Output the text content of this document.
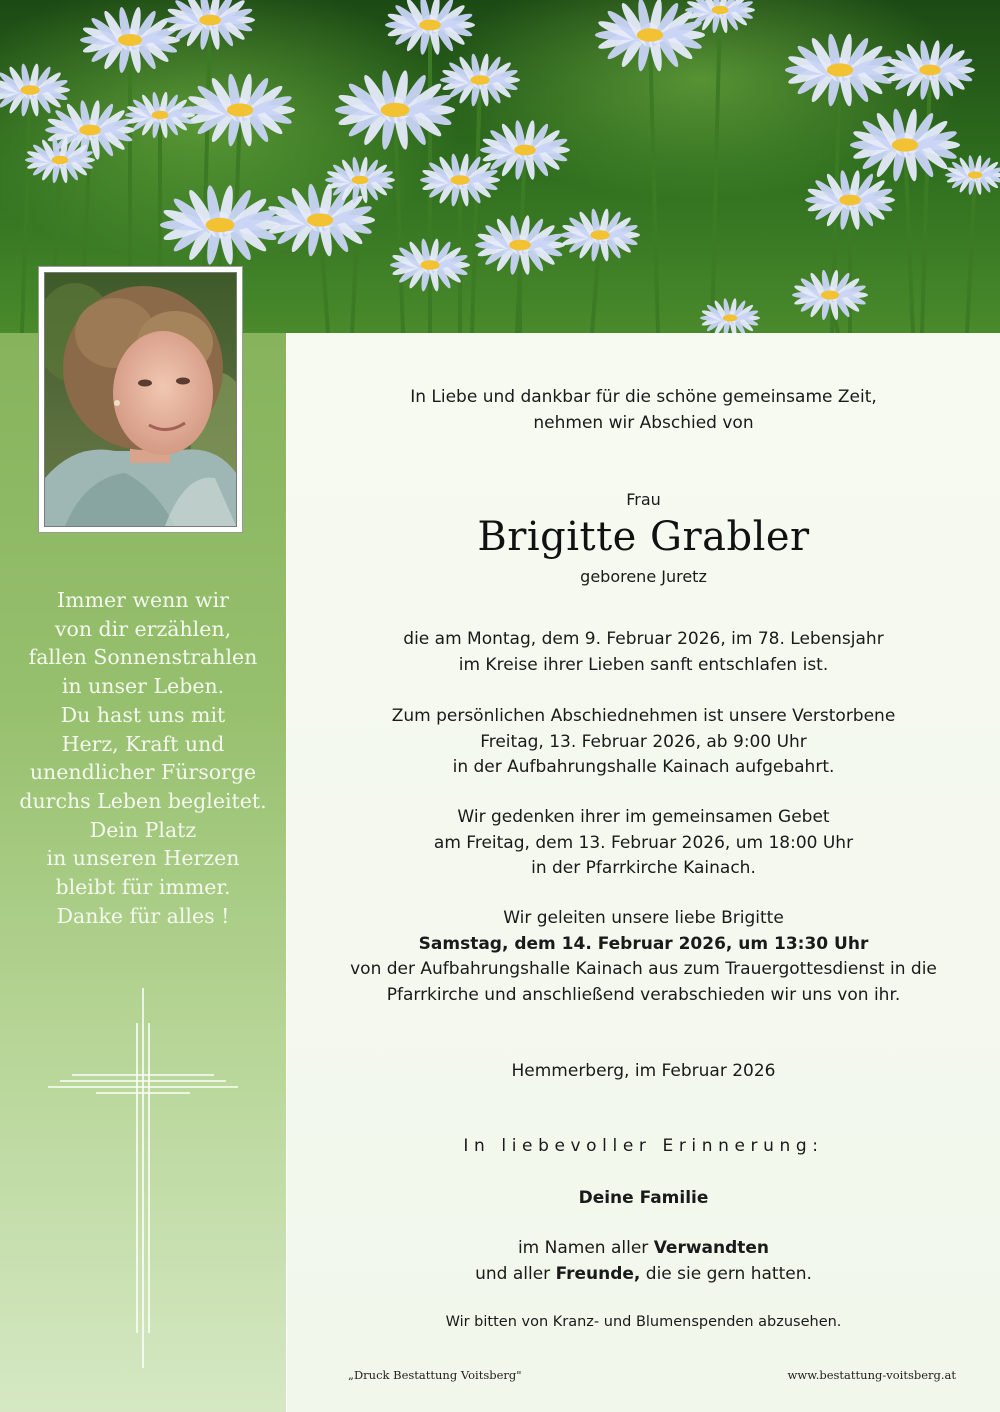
Immer wenn wir
von dir erzählen,
fallen Sonnenstrahlen
in unser Leben.
Du hast uns mit
Herz, Kraft und
unendlicher Fürsorge
durchs Leben begleitet.
Dein Platz
in unseren Herzen
bleibt für immer.
Danke für alles !
In Liebe und dankbar für die schöne gemeinsame Zeit,
nehmen wir Abschied von
Frau
Brigitte Grabler
geborene Juretz
die am Montag, dem 9. Februar 2026, im 78. Lebensjahr
im Kreise ihrer Lieben sanft entschlafen ist.
Zum persönlichen Abschiednehmen ist unsere Verstorbene
Freitag, 13. Februar 2026, ab 9:00 Uhr
in der Aufbahrungshalle Kainach aufgebahrt.
Wir gedenken ihrer im gemeinsamen Gebet
am Freitag, dem 13. Februar 2026, um 18:00 Uhr
in der Pfarrkirche Kainach.
Wir geleiten unsere liebe Brigitte
Samstag, dem 14. Februar 2026, um 13:30 Uhr
von der Aufbahrungshalle Kainach aus zum Trauergottesdienst in die
Pfarrkirche und anschließend verabschieden wir uns von ihr.
Hemmerberg, im Februar 2026
In liebevoller Erinnerung:
Deine Familie
im Namen aller Verwandten
und aller Freunde, die sie gern hatten.
Wir bitten von Kranz- und Blumenspenden abzusehen.
„Druck Bestattung Voitsberg"	www.bestattung-voitsberg.at
